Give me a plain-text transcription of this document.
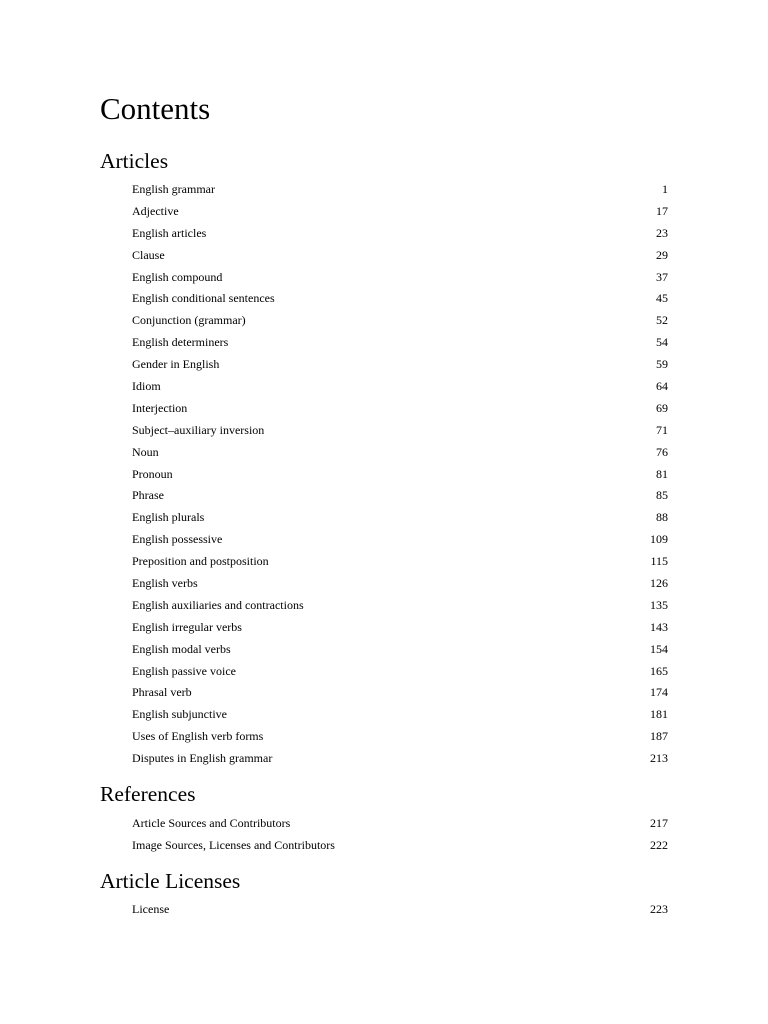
Contents
Articles
English grammar	1
Adjective	17
English articles	23
Clause	29
English compound	37
English conditional sentences	45
Conjunction (grammar)	52
English determiners	54
Gender in English	59
Idiom	64
Interjection	69
Subject–auxiliary inversion	71
Noun	76
Pronoun	81
Phrase	85
English plurals	88
English possessive	109
Preposition and postposition	115
English verbs	126
English auxiliaries and contractions	135
English irregular verbs	143
English modal verbs	154
English passive voice	165
Phrasal verb	174
English subjunctive	181
Uses of English verb forms	187
Disputes in English grammar	213
References
Article Sources and Contributors	217
Image Sources, Licenses and Contributors	222
Article Licenses
License	223
